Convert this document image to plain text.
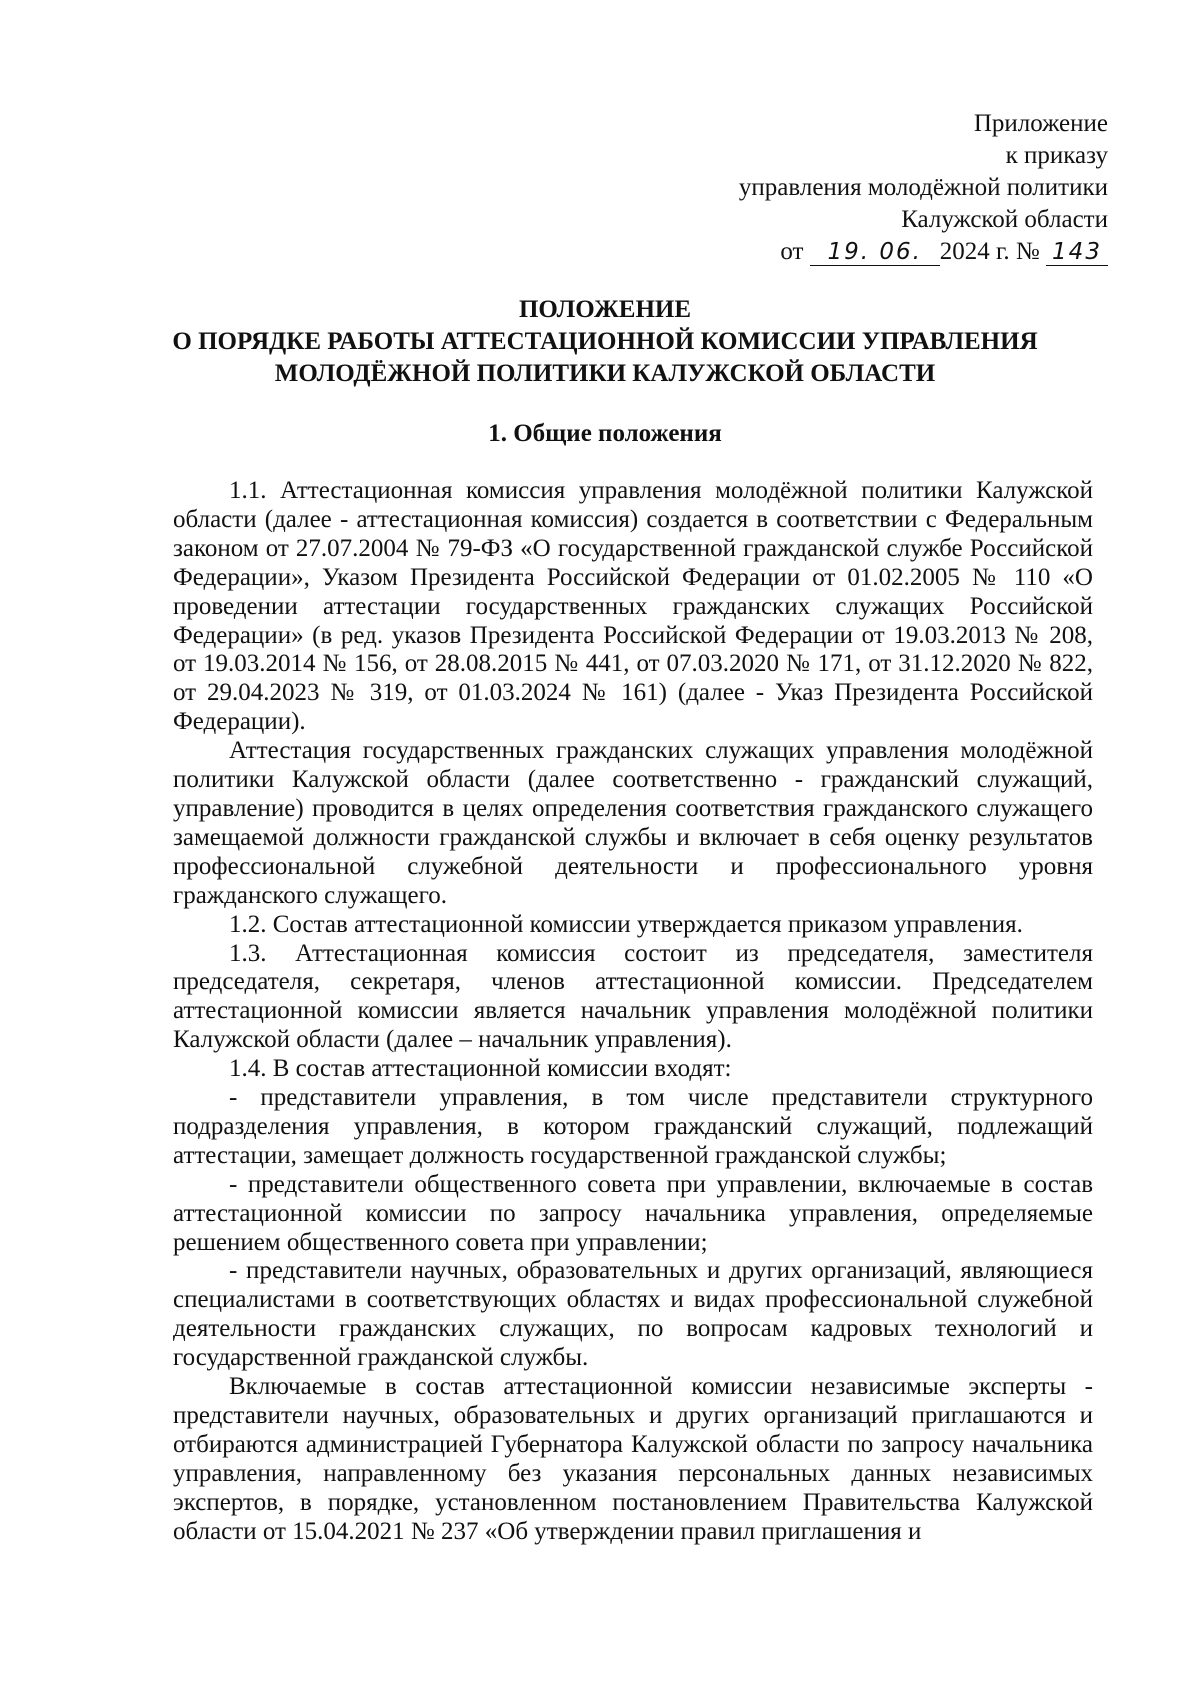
Приложение
к приказу
управления молодёжной политики
Калужской области
от 19. 06. 2024 г. № 143
ПОЛОЖЕНИЕ
О ПОРЯДКЕ РАБОТЫ АТТЕСТАЦИОННОЙ КОМИССИИ УПРАВЛЕНИЯ
МОЛОДЁЖНОЙ ПОЛИТИКИ КАЛУЖСКОЙ ОБЛАСТИ
1. Общие положения

1.1. Аттестационная комиссия управления молодёжной политики Калужской области (далее - аттестационная комиссия) создается в соответствии с Федеральным законом от 27.07.2004 № 79-ФЗ «О государственной гражданской службе Российской Федерации», Указом Президента Российской Федерации от 01.02.2005 № 110 «О проведении аттестации государственных гражданских служащих Российской Федерации» (в ред. указов Президента Российской Федерации от 19.03.2013 № 208, от 19.03.2014 № 156, от 28.08.2015 № 441, от 07.03.2020 № 171, от 31.12.2020 № 822, от 29.04.2023 № 319, от 01.03.2024 № 161) (далее - Указ Президента Российской Федерации).

Аттестация государственных гражданских служащих управления молодёжной политики Калужской области (далее соответственно - гражданский служащий, управление) проводится в целях определения соответствия гражданского служащего замещаемой должности гражданской службы и включает в себя оценку результатов профессиональной служебной деятельности и профессионального уровня гражданского служащего.

1.2. Состав аттестационной комиссии утверждается приказом управления.

1.3. Аттестационная комиссия состоит из председателя, заместителя председателя, секретаря, членов аттестационной комиссии. Председателем аттестационной комиссии является начальник управления молодёжной политики Калужской области (далее – начальник управления).

1.4. В состав аттестационной комиссии входят:

- представители управления, в том числе представители структурного подразделения управления, в котором гражданский служащий, подлежащий аттестации, замещает должность государственной гражданской службы;

- представители общественного совета при управлении, включаемые в состав аттестационной комиссии по запросу начальника управления, определяемые решением общественного совета при управлении;

- представители научных, образовательных и других организаций, являющиеся специалистами в соответствующих областях и видах профессиональной служебной деятельности гражданских служащих, по вопросам кадровых технологий и государственной гражданской службы.

Включаемые в состав аттестационной комиссии независимые эксперты - представители научных, образовательных и других организаций приглашаются и отбираются администрацией Губернатора Калужской области по запросу начальника управления, направленному без указания персональных данных независимых экспертов, в порядке, установленном постановлением Правительства Калужской области от 15.04.2021 № 237 «Об утверждении правил приглашения и
